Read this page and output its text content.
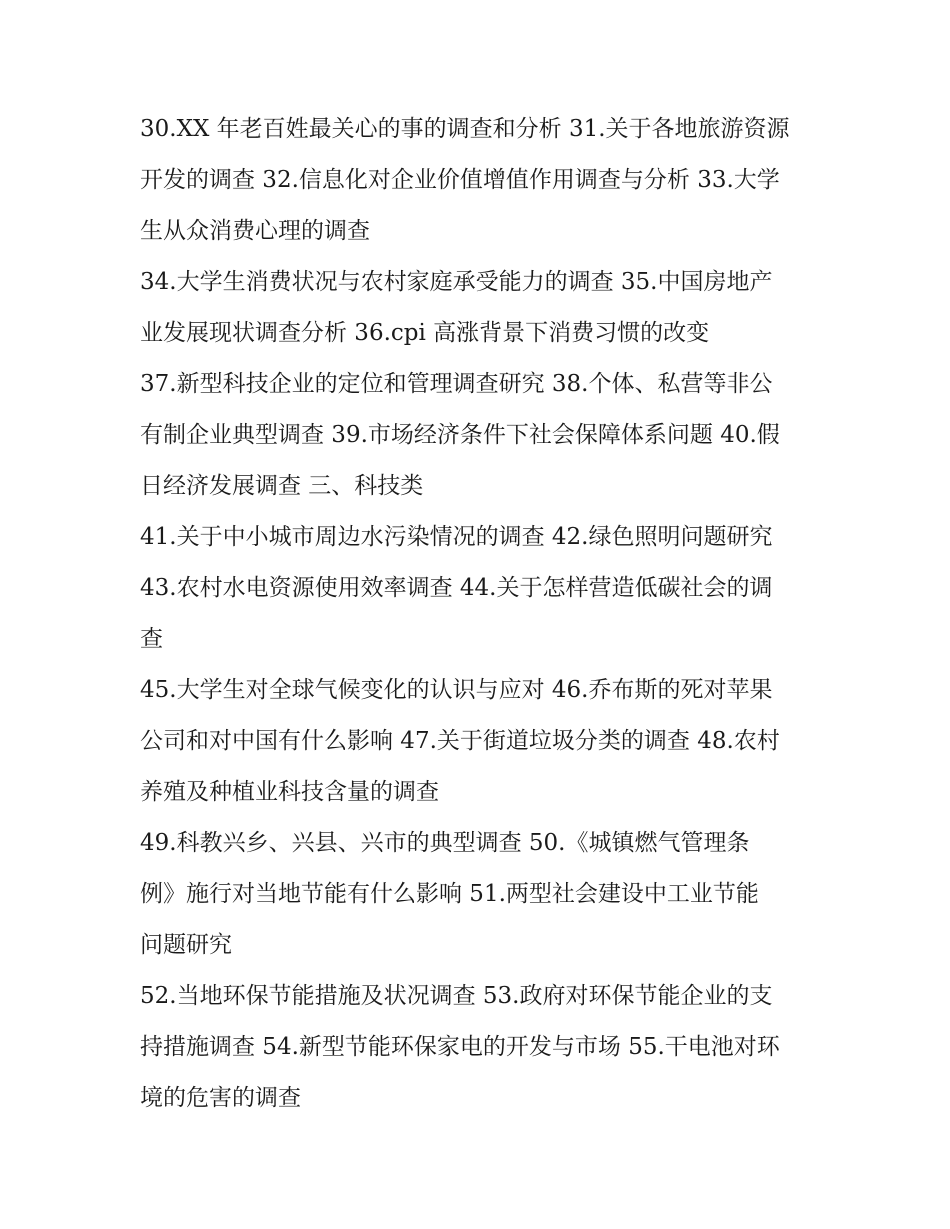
30.XX 年老百姓最关心的事的调查和分析 31.关于各地旅游资源
开发的调查 32.信息化对企业价值增值作用调查与分析 33.大学
生从众消费心理的调查

34.大学生消费状况与农村家庭承受能力的调查 35.中国房地产
业发展现状调查分析 36.cpi 高涨背景下消费习惯的改变

37.新型科技企业的定位和管理调查研究 38.个体、私营等非公
有制企业典型调查 39.市场经济条件下社会保障体系问题 40.假
日经济发展调查 三、科技类

41.关于中小城市周边水污染情况的调查 42.绿色照明问题研究

43.农村水电资源使用效率调查 44.关于怎样营造低碳社会的调
查

45.大学生对全球气候变化的认识与应对 46.乔布斯的死对苹果
公司和对中国有什么影响 47.关于街道垃圾分类的调查 48.农村
养殖及种植业科技含量的调查

49.科教兴乡、兴县、兴市的典型调查 50.《城镇燃气管理条
例》施行对当地节能有什么影响 51.两型社会建设中工业节能
问题研究

52.当地环保节能措施及状况调查 53.政府对环保节能企业的支
持措施调查 54.新型节能环保家电的开发与市场 55.干电池对环
境的危害的调查
